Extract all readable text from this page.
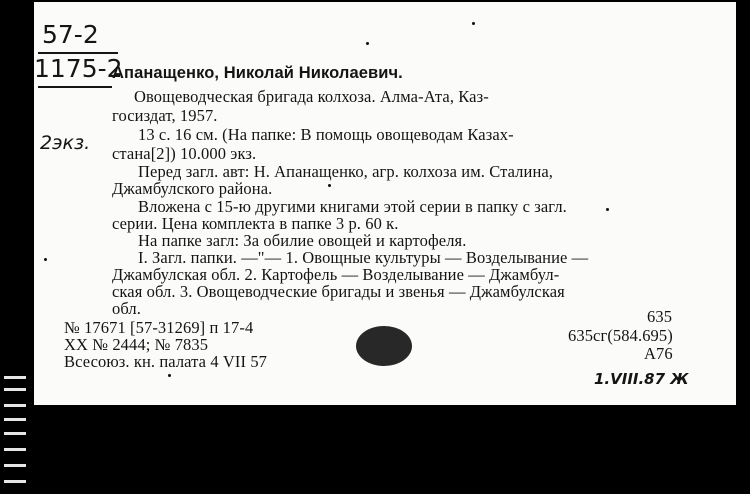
57-2
1175-2
2экз.
Апанащенко, Николай Николаевич.
Овощеводческая бригада колхоза. Алма-Ата, Каз-
госиздат, 1957.
13 с. 16 см. (На папке: В помощь овощеводам Казах-
стана[2]) 10.000 экз.
Перед загл. авт: Н. Апанащенко, агр. колхоза им. Сталина,
Джамбулского района.
Вложена с 15-ю другими книгами этой серии в папку с загл.
серии. Цена комплекта в папке 3 р. 60 к.
На папке загл: За обилие овощей и картофеля.
I. Загл. папки. —"— 1. Овощные культуры — Возделывание —
Джамбулская обл. 2. Картофель — Возделывание — Джамбул-
ская обл. 3. Овощеводческие бригады и звенья — Джамбулская
обл.
№ 17671 [57-31269] п 17-4
XX № 2444; № 7835
Всесоюз. кн. палата 4 VII 57
635
635сг(584.695)
А76
1.VIII.87 Ж
